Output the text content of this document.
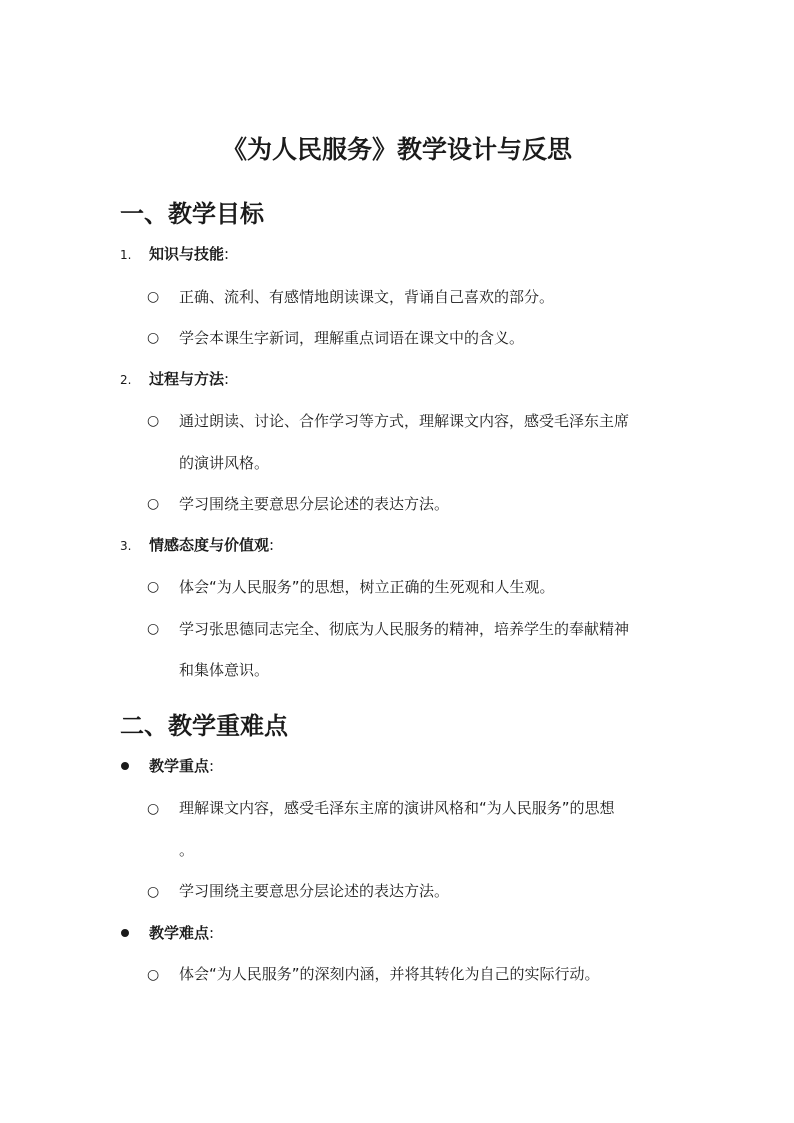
《为人民服务》教学设计与反思
一、教学目标
1. 知识与技能:
○ 正确、流利、有感情地朗读课文，背诵自己喜欢的部分。
○ 学会本课生字新词，理解重点词语在课文中的含义。
2. 过程与方法:
○ 通过朗读、讨论、合作学习等方式，理解课文内容，感受毛泽东主席
的演讲风格。
○ 学习围绕主要意思分层论述的表达方法。
3. 情感态度与价值观:
○ 体会“为人民服务”的思想，树立正确的生死观和人生观。
○ 学习张思德同志完全、彻底为人民服务的精神，培养学生的奉献精神
和集体意识。
二、教学重难点
教学重点:
○ 理解课文内容，感受毛泽东主席的演讲风格和“为人民服务”的思想
。
○ 学习围绕主要意思分层论述的表达方法。
教学难点:
○ 体会“为人民服务”的深刻内涵，并将其转化为自己的实际行动。
